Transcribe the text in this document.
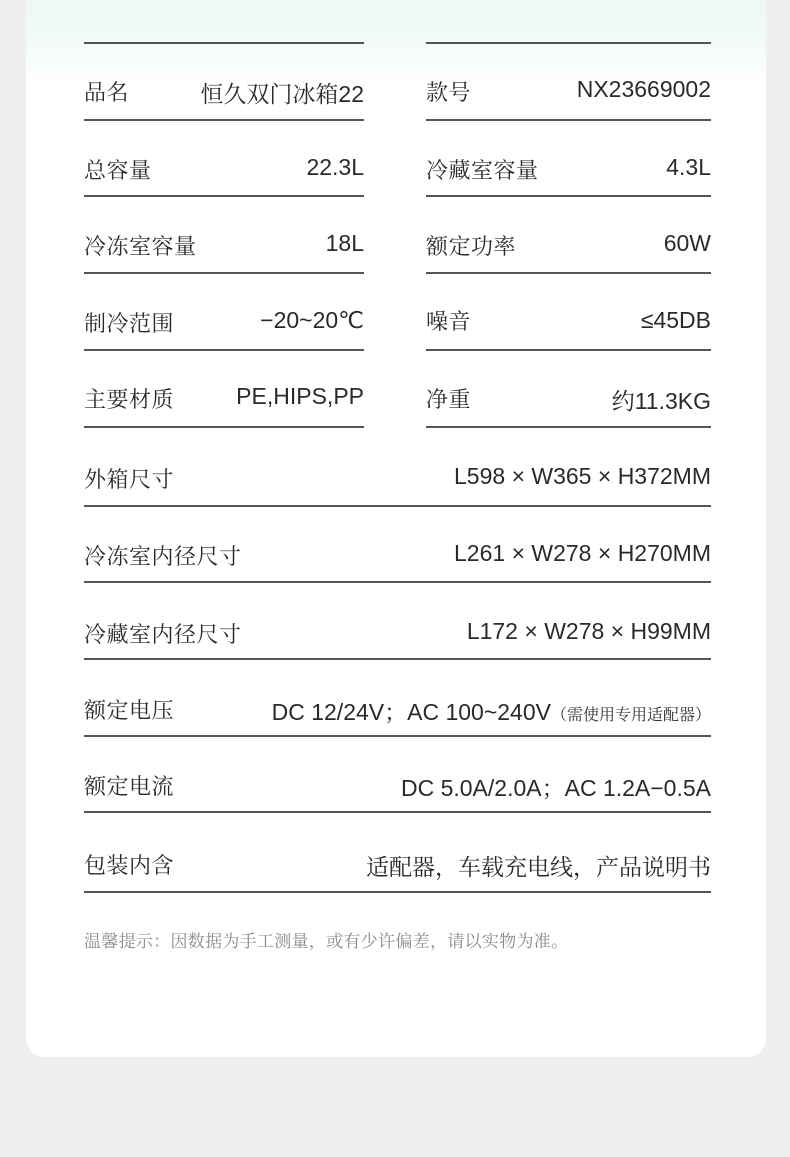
品名	恒久双门冰箱22	款号	NX23669002
总容量	22.3L	冷藏室容量	4.3L
冷冻室容量	18L	额定功率	60W
制冷范围	−20~20℃	噪音	≤45DB
主要材质	PE,HIPS,PP	净重	约11.3KG
外箱尺寸	L598 × W365 × H372MM
冷冻室内径尺寸	L261 × W278 × H270MM
冷藏室内径尺寸	L172 × W278 × H99MM
额定电压	DC 12/24V；AC 100~240V（需使用专用适配器）
额定电流	DC 5.0A/2.0A；AC 1.2A−0.5A
包装内含	适配器，车载充电线，产品说明书
温馨提示：因数据为手工测量，或有少许偏差，请以实物为准。
